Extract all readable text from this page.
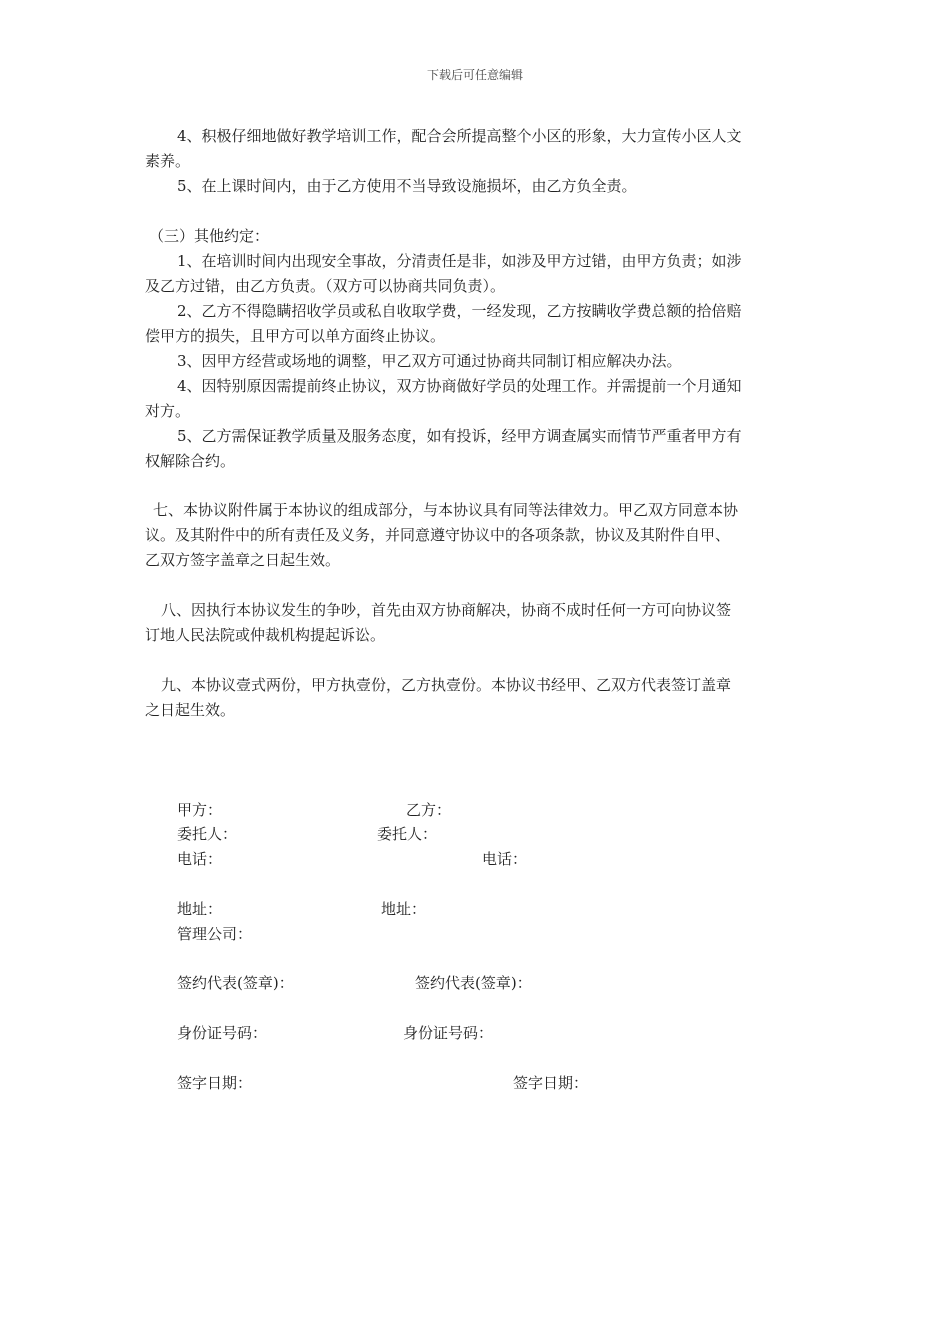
下载后可任意编辑
4、积极仔细地做好教学培训工作，配合会所提高整个小区的形象，大力宣传小区人文
素养。
5、在上课时间内，由于乙方使用不当导致设施损坏，由乙方负全责。
（三）其他约定：
1、在培训时间内出现安全事故，分清责任是非，如涉及甲方过错，由甲方负责；如涉
及乙方过错，由乙方负责。（双方可以协商共同负责）。
2、乙方不得隐瞒招收学员或私自收取学费，一经发现，乙方按瞒收学费总额的拾倍赔
偿甲方的损失，且甲方可以单方面终止协议。
3、因甲方经营或场地的调整，甲乙双方可通过协商共同制订相应解决办法。
4、因特别原因需提前终止协议，双方协商做好学员的处理工作。并需提前一个月通知
对方。
5、乙方需保证教学质量及服务态度，如有投诉，经甲方调查属实而情节严重者甲方有
权解除合约。
七、本协议附件属于本协议的组成部分，与本协议具有同等法律效力。甲乙双方同意本协
议。及其附件中的所有责任及义务，并同意遵守协议中的各项条款，协议及其附件自甲、
乙双方签字盖章之日起生效。
八、因执行本协议发生的争吵，首先由双方协商解决，协商不成时任何一方可向协议签
订地人民法院或仲裁机构提起诉讼。
九、本协议壹式两份，甲方执壹份，乙方执壹份。本协议书经甲、乙双方代表签订盖章
之日起生效。
甲方：	乙方：
委托人：	委托人：
电话：	电话：
地址：	地址：
管理公司：
签约代表(签章)：	签约代表(签章)：
身份证号码：	身份证号码：
签字日期：	签字日期：
